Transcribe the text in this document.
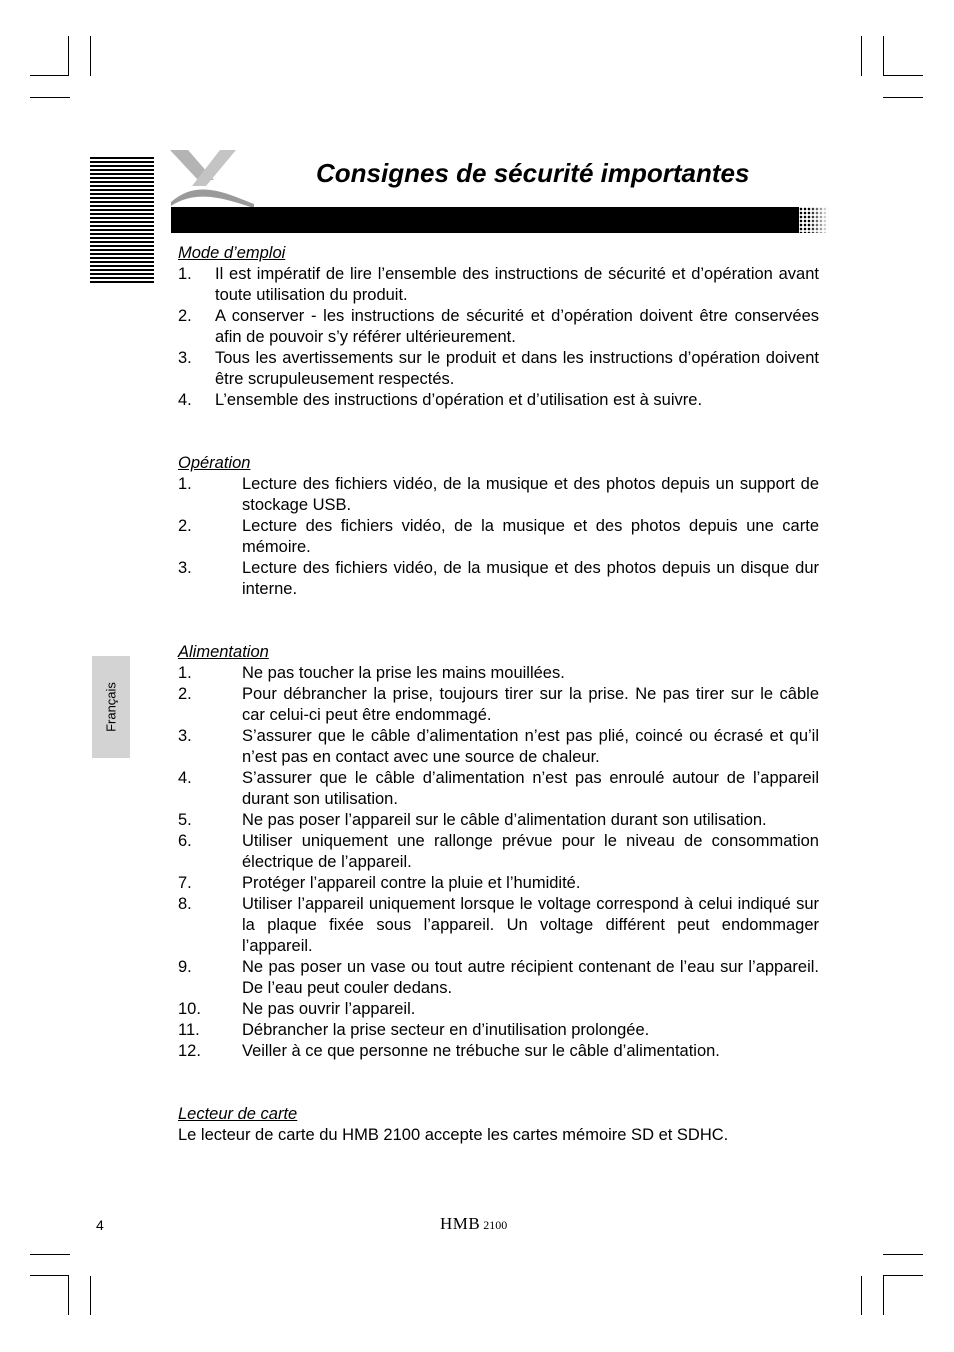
Consignes de sécurité importantes
Français
Mode d’emploi
1. Il est impératif de lire l’ensemble des instructions de sécurité et d’opération avant toute utilisation du produit.
2. A conserver - les instructions de sécurité et d’opération doivent être conservées afin de pouvoir s’y référer ultérieurement.
3. Tous les avertissements sur le produit et dans les instructions d’opération doivent être scrupuleusement respectés.
4. L’ensemble des instructions d’opération et d’utilisation est à suivre.
Opération
1.	Lecture des fichiers vidéo, de la musique et des photos depuis un support de stockage USB.
2.	Lecture des fichiers vidéo, de la musique et des photos depuis une carte mémoire.
3.	Lecture des fichiers vidéo, de la musique et des photos depuis un disque dur interne.
Alimentation
1.	Ne pas toucher la prise les mains mouillées.
2.	Pour débrancher la prise, toujours tirer sur la prise. Ne pas tirer sur le câble car celui-ci peut être endommagé.
3.	S’assurer que le câble d’alimentation n’est pas plié, coincé ou écrasé et qu’il n’est pas en contact avec une source de chaleur.
4.	S’assurer que le câble d’alimentation n’est pas enroulé autour de l’appareil durant son utilisation.
5.	Ne pas poser l’appareil sur le câble d’alimentation durant son utilisation.
6.	Utiliser uniquement une rallonge prévue pour le niveau de consommation électrique de l’appareil.
7.	Protéger l’appareil contre la pluie et l’humidité.
8.	Utiliser l’appareil uniquement lorsque le voltage correspond à celui indiqué sur la plaque fixée sous l’appareil. Un voltage différent peut endommager l’appareil.
9.	Ne pas poser un vase ou tout autre récipient contenant de l’eau sur l’appareil. De l’eau peut couler dedans.
10. Ne pas ouvrir l’appareil.
11.	Débrancher la prise secteur en d’inutilisation prolongée.
12. Veiller à ce que personne ne trébuche sur le câble d’alimentation.
Lecteur de carte

Le lecteur de carte du HMB 2100 accepte les cartes mémoire SD et SDHC.

4	HMB 2100
